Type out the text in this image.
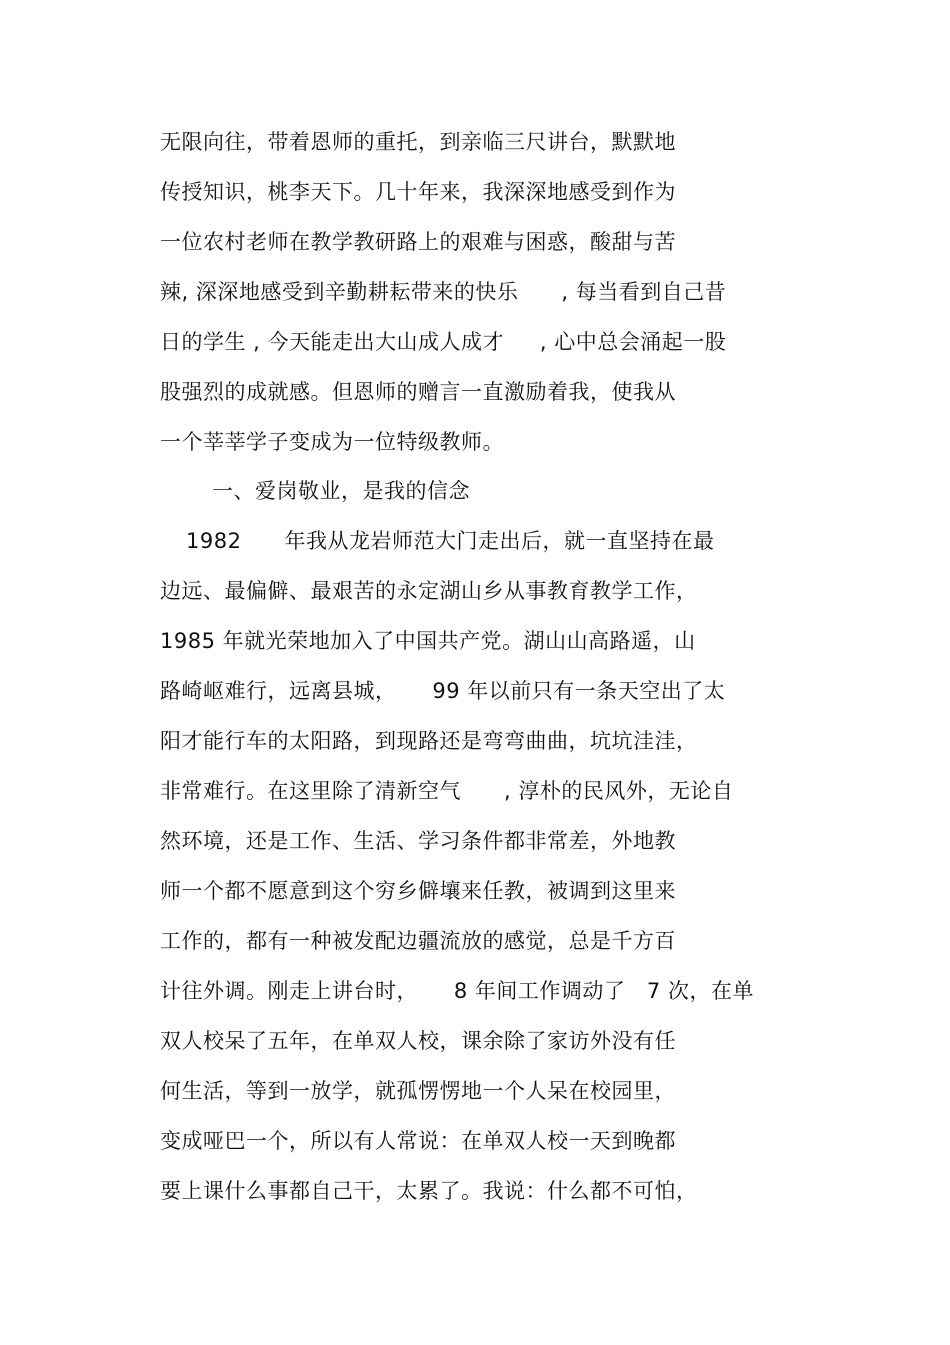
无限向往，带着恩师的重托，到亲临三尺讲台，默默地
传授知识，桃李天下。几十年来，我深深地感受到作为
一位农村老师在教学教研路上的艰难与困惑，酸甜与苦
辣, 深深地感受到辛勤耕耘带来的快乐      , 每当看到自己昔
日的学生 , 今天能走出大山成人成才     , 心中总会涌起一股
股强烈的成就感。但恩师的赠言一直激励着我，使我从
一个莘莘学子变成为一位特级教师。
一、爱岗敬业，是我的信念
1982      年我从龙岩师范大门走出后，就一直坚持在最
边远、最偏僻、最艰苦的永定湖山乡从事教育教学工作，
1985 年就光荣地加入了中国共产党。湖山山高路遥，山
路崎岖难行，远离县城，     99 年以前只有一条天空出了太
阳才能行车的太阳路，到现路还是弯弯曲曲，坑坑洼洼，
非常难行。在这里除了清新空气      , 淳朴的民风外，无论自
然环境，还是工作、生活、学习条件都非常差，外地教
师一个都不愿意到这个穷乡僻壤来任教，被调到这里来
工作的，都有一种被发配边疆流放的感觉，总是千方百
计往外调。刚走上讲台时，     8 年间工作调动了   7 次，在单
双人校呆了五年，在单双人校，课余除了家访外没有任
何生活，等到一放学，就孤愣愣地一个人呆在校园里，
变成哑巴一个，所以有人常说：在单双人校一天到晚都
要上课什么事都自己干，太累了。我说：什么都不可怕，
